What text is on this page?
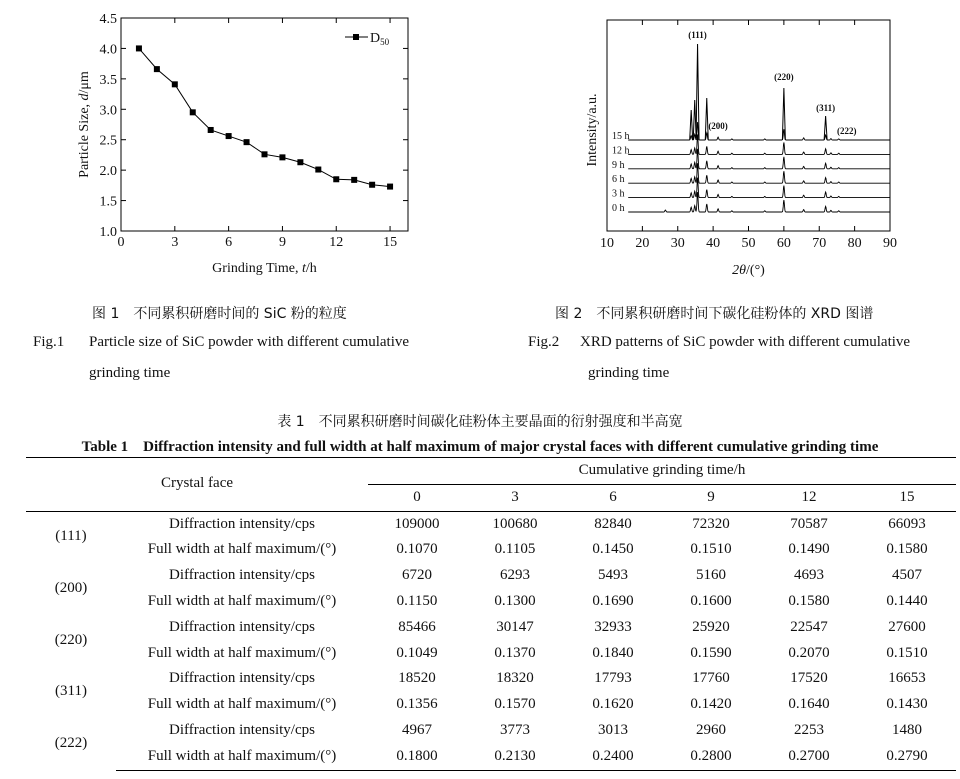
0	3	6	9	12	15
1.0
1.5
2.0
2.5
3.0
3.5
4.0
4.5
$D_{50}$
Grinding Time, t/h
Particle Size, d/μm
10 20 30 40 50 60 70 80 90
15 h
12 h
9 h
6 h
3 h
0 h
(111)
(200)
(220)
(311)
(222)
2θ/(°)
Intensity/a.u.
图 1　不同累积研磨时间的 SiC 粉的粒度
Fig.1 Particle size of SiC powder with different cumulative
grinding time
图 2　不同累积研磨时间下碳化硅粉体的 XRD 图谱
Fig.2 XRD patterns of SiC powder with different cumulative
grinding time
表 1　不同累积研磨时间碳化硅粉体主要晶面的衍射强度和半高宽
Table 1　Diffraction intensity and full width at half maximum of major crystal faces with different cumulative grinding time
Crystal face		Cumulative grinding time/h					
		0	3	6	9	12	15
(111)	Diffraction intensity/cps	109000	100680	82840	72320	70587	66093
	Full width at half maximum/(°)	0.1070	0.1105	0.1450	0.1510	0.1490	0.1580
(200)	Diffraction intensity/cps	6720	6293	5493	5160	4693	4507
	Full width at half maximum/(°)	0.1150	0.1300	0.1690	0.1600	0.1580	0.1440
(220)	Diffraction intensity/cps	85466	30147	32933	25920	22547	27600
	Full width at half maximum/(°)	0.1049	0.1370	0.1840	0.1590	0.2070	0.1510
(311)	Diffraction intensity/cps	18520	18320	17793	17760	17520	16653
	Full width at half maximum/(°)	0.1356	0.1570	0.1620	0.1420	0.1640	0.1430
(222)	Diffraction intensity/cps	4967	3773	3013	2960	2253	1480
	Full width at half maximum/(°)	0.1800	0.2130	0.2400	0.2800	0.2700	0.2790
